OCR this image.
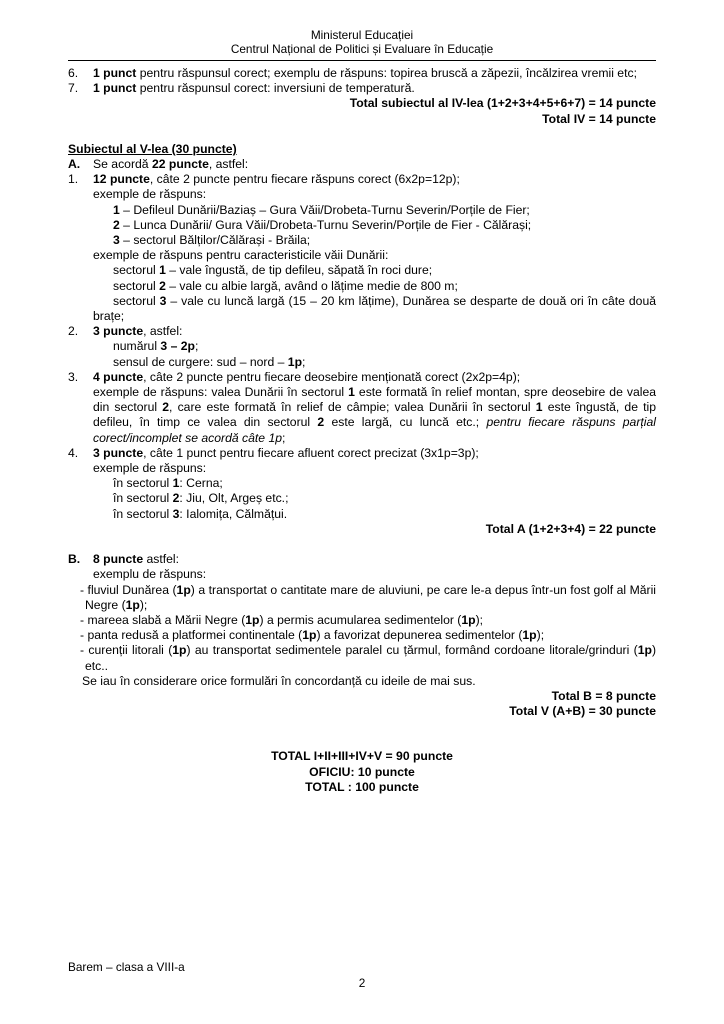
Ministerul Educației
Centrul Național de Politici și Evaluare în Educație
6.	1 punct pentru răspunsul corect; exemplu de răspuns: topirea bruscă a zăpezii, încălzirea vremii etc;
7.	1 punct pentru răspunsul corect: inversiuni de temperatură.
Total subiectul al IV-lea (1+2+3+4+5+6+7) = 14 puncte
Total IV = 14 puncte
Subiectul al V-lea (30 puncte)
A.	Se acordă 22 puncte, astfel:
1.	12 puncte, câte 2 puncte pentru fiecare răspuns corect (6x2p=12p);
exemple de răspuns:
1 – Defileul Dunării/Baziaș – Gura Văii/Drobeta-Turnu Severin/Porțile de Fier;
2 – Lunca Dunării/ Gura Văii/Drobeta-Turnu Severin/Porțile de Fier - Călărași;
3 – sectorul Bălților/Călărași - Brăila;
exemple de răspuns pentru caracteristicile văii Dunării:
sectorul 1 – vale îngustă, de tip defileu, săpată în roci dure;
sectorul 2 – vale cu albie largă, având o lățime medie de 800 m;
sectorul 3 – vale cu luncă largă (15 – 20 km lățime), Dunărea se desparte de două ori în câte două brațe;
2.	3 puncte, astfel:
numărul 3 – 2p;
sensul de curgere: sud – nord – 1p;
3.	4 puncte, câte 2 puncte pentru fiecare deosebire menționată corect (2x2p=4p);
exemple de răspuns: valea Dunării în sectorul 1 este formată în relief montan, spre deosebire de valea din sectorul 2, care este formată în relief de câmpie; valea Dunării în sectorul 1 este îngustă, de tip defileu, în timp ce valea din sectorul 2 este largă, cu luncă etc.; pentru fiecare răspuns parțial corect/incomplet se acordă câte 1p;
4.	3 puncte, câte 1 punct pentru fiecare afluent corect precizat (3x1p=3p);
exemple de răspuns:
în sectorul 1: Cerna;
în sectorul 2: Jiu, Olt, Argeș etc.;
în sectorul 3: Ialomița, Călmățui.
Total A (1+2+3+4) = 22 puncte
B.	8 puncte astfel:
exemplu de răspuns:
- fluviul Dunărea (1p) a transportat o cantitate mare de aluviuni, pe care le-a depus într-un fost golf al Mării Negre (1p);
- mareea slabă a Mării Negre (1p) a permis acumularea sedimentelor (1p);
- panta redusă a platformei continentale (1p) a favorizat depunerea sedimentelor (1p);
- curenții litorali (1p) au transportat sedimentele paralel cu țărmul, formând cordoane litorale/grinduri (1p) etc..
Se iau în considerare orice formulări în concordanță cu ideile de mai sus.
Total B = 8 puncte
Total V (A+B) = 30 puncte
TOTAL I+II+III+IV+V = 90 puncte
OFICIU: 10 puncte
TOTAL : 100 puncte
Barem – clasa a VIII-a
2
